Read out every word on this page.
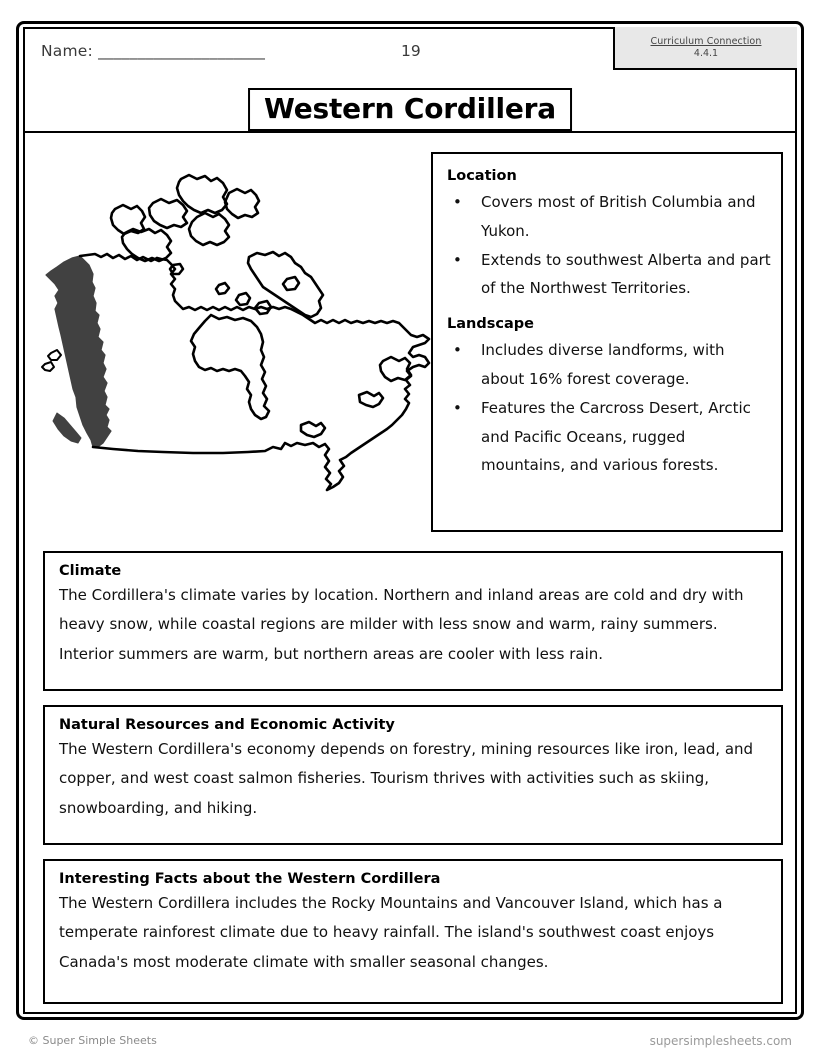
Name: _____________________	19
Curriculum Connection
4.4.1
Western Cordillera
Location
• Covers most of British Columbia and Yukon.
• Extends to southwest Alberta and part of the Northwest Territories.
Landscape
• Includes diverse landforms, with about 16% forest coverage.
• Features the Carcross Desert, Arctic and Pacific Oceans, rugged mountains, and various forests.
Climate

The Cordillera's climate varies by location. Northern and inland areas are cold and dry with heavy snow, while coastal regions are milder with less snow and warm, rainy summers. Interior summers are warm, but northern areas are cooler with less rain.

Natural Resources and Economic Activity

The Western Cordillera's economy depends on forestry, mining resources like iron, lead, and copper, and west coast salmon fisheries. Tourism thrives with activities such as skiing, snowboarding, and hiking.

Interesting Facts about the Western Cordillera

The Western Cordillera includes the Rocky Mountains and Vancouver Island, which has a temperate rainforest climate due to heavy rainfall. The island's southwest coast enjoys Canada's most moderate climate with smaller seasonal changes.

© Super Simple Sheets	supersimplesheets.com
